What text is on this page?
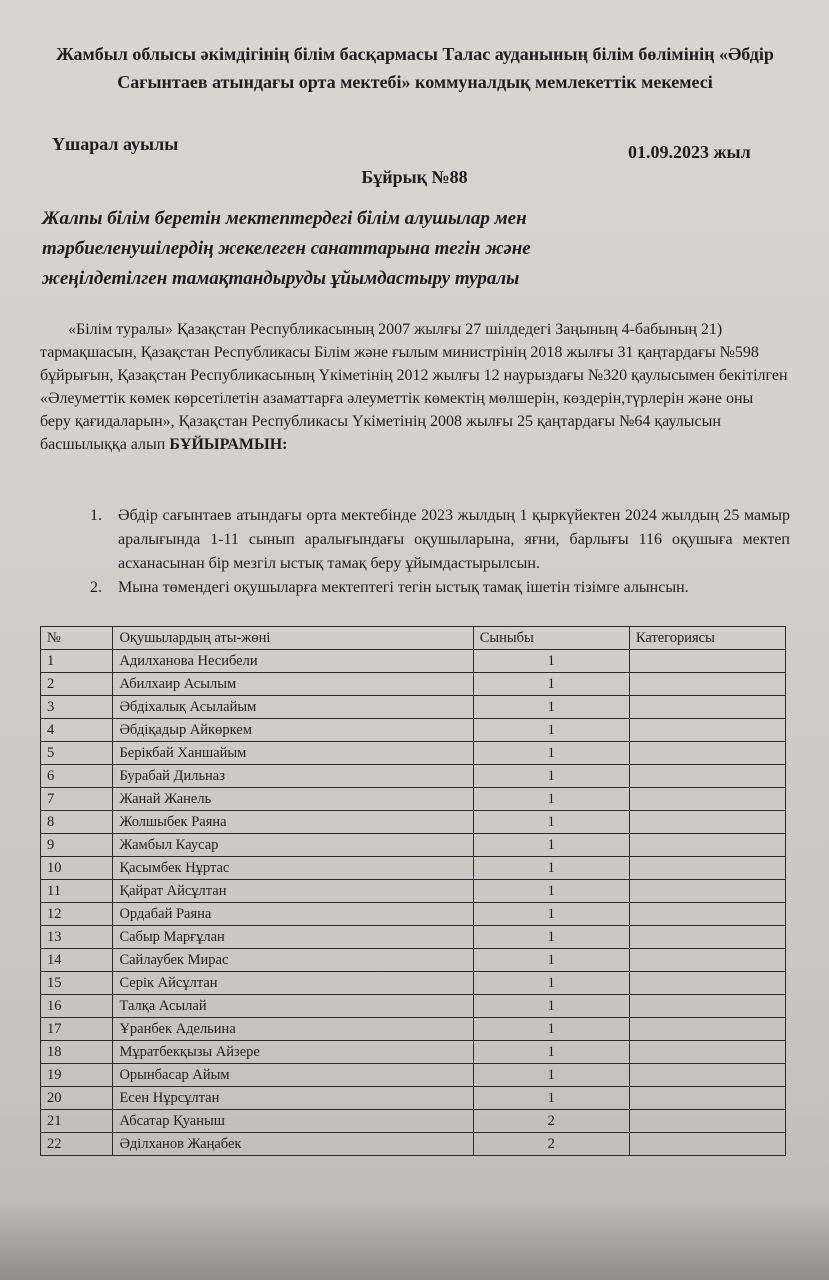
Жамбыл облысы әкімдігінің білім басқармасы Талас ауданының білім бөлімінің «Әбдір Сағынтаев атындағы орта мектебі» коммуналдық мемлекеттік мекемесі
Үшарал ауылы	01.09.2023 жыл
Бұйрық №88
Жалпы білім беретін мектептердегі білім алушылар мен тәрбиеленушілердің жекелеген санаттарына тегін және жеңілдетілген тамақтандыруды ұйымдастыру туралы
«Білім туралы» Қазақстан Республикасының 2007 жылғы 27 шілдедегі Заңының 4-бабының 21) тармақшасын, Қазақстан Республикасы Білім және ғылым министрінің 2018 жылғы 31 қаңтардағы №598 бұйрығын, Қазақстан Республикасының Үкіметінің 2012 жылғы 12 наурыздағы №320 қаулысымен бекітілген «Әлеуметтік көмек көрсетілетін азаматтарға әлеуметтік көмектің мөлшерін, көздерін,түрлерін және оны беру қағидаларын», Қазақстан Республикасы Үкіметінің 2008 жылғы 25 қаңтардағы №64 қаулысын басшылыққа алып БҰЙЫРАМЫН:
1.	Әбдір сағынтаев атындағы орта мектебінде 2023 жылдың 1 қыркүйектен 2024 жылдың 25 мамыр аралығында 1-11 сынып аралығындағы оқушыларына, яғни, барлығы 116 оқушыға мектеп асханасынан бір мезгіл ыстық тамақ беру ұйымдастырылсын.
2.	Мына төмендегі оқушыларға мектептегі тегін ыстық тамақ ішетін тізімге алынсын.
№	Оқушылардың аты-жөні	Сыныбы	Категориясы
1	Адилханова Несибели	1	
2	Абилхаир Асылым	1	
3	Әбдіхалық Асылайым	1	
4	Әбдіқадыр Айкөркем	1	
5	Берікбай Ханшайым	1	
6	Бурабай Дильназ	1	
7	Жанай Жанель	1	
8	Жолшыбек Раяна	1	
9	Жамбыл Каусар	1	
10	Қасымбек Нұртас	1	
11	Қайрат Айсұлтан	1	
12	Ордабай Раяна	1	
13	Сабыр Марғұлан	1	
14	Сайлаубек Мирас	1	
15	Серік Айсұлтан	1	
16	Талқа Асылай	1	
17	Ұранбек Адельина	1	
18	Мұратбекқызы Айзере	1	
19	Орынбасар Айым	1	
20	Есен Нұрсұлтан	1	
21	Абсатар Қуаныш	2	
22	Әділханов Жаңабек	2	
